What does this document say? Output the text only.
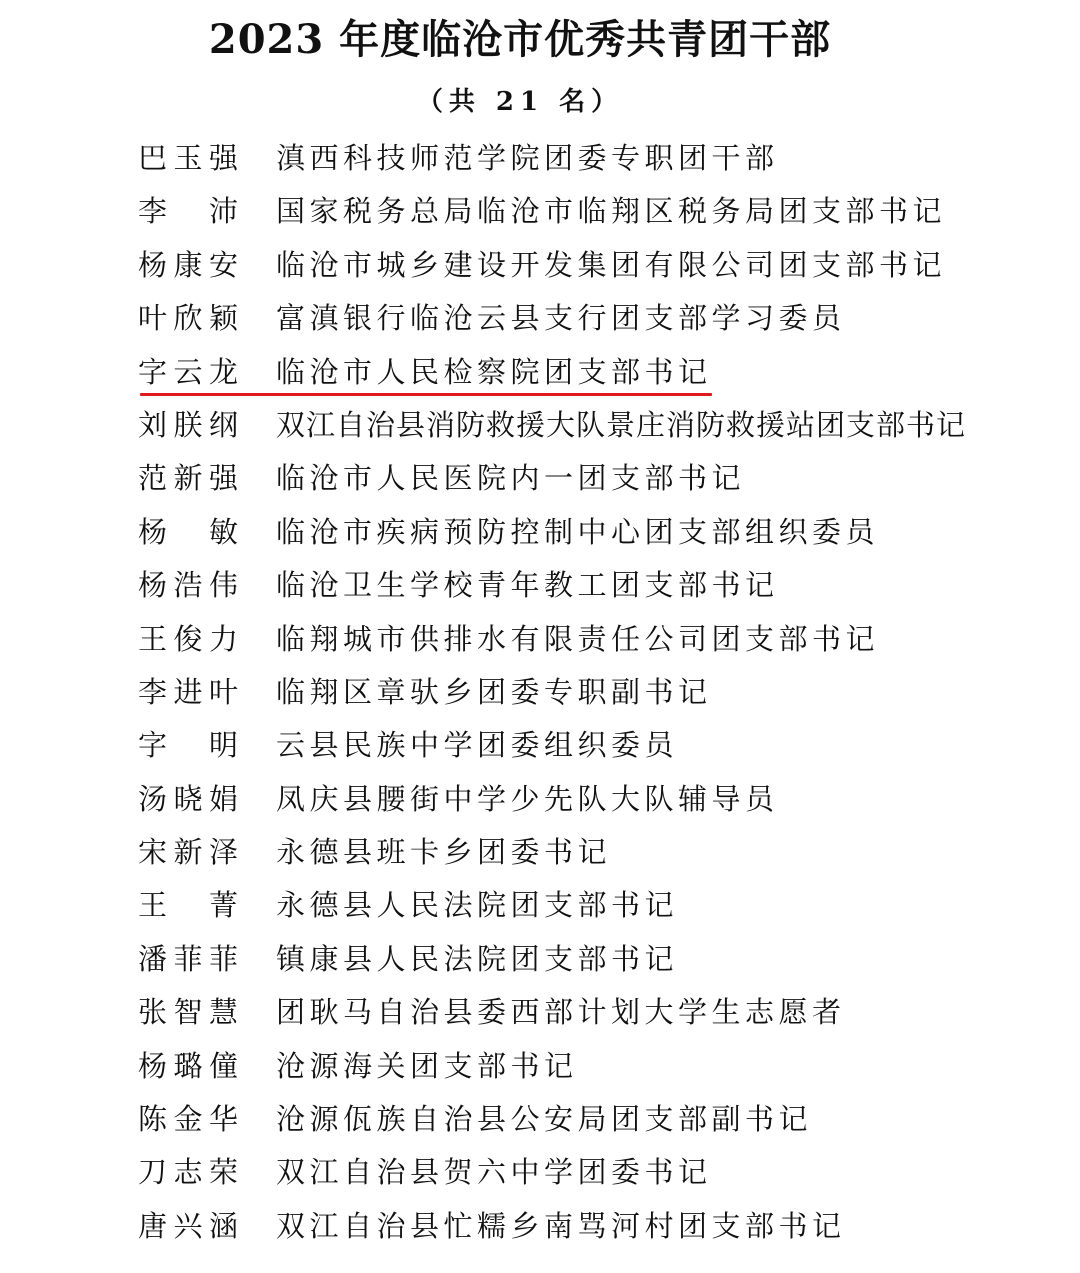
2023 年度临沧市优秀共青团干部
（共 21 名）
巴玉强 滇西科技师范学院团委专职团干部
李沛 国家税务总局临沧市临翔区税务局团支部书记
杨康安 临沧市城乡建设开发集团有限公司团支部书记
叶欣颖 富滇银行临沧云县支行团支部学习委员
字云龙 临沧市人民检察院团支部书记
刘朕纲 双江自治县消防救援大队景庄消防救援站团支部书记
范新强 临沧市人民医院内一团支部书记
杨敏 临沧市疾病预防控制中心团支部组织委员
杨浩伟 临沧卫生学校青年教工团支部书记
王俊力 临翔城市供排水有限责任公司团支部书记
李进叶 临翔区章驮乡团委专职副书记
字明 云县民族中学团委组织委员
汤晓娟 凤庆县腰街中学少先队大队辅导员
宋新泽 永德县班卡乡团委书记
王菁 永德县人民法院团支部书记
潘菲菲 镇康县人民法院团支部书记
张智慧 团耿马自治县委西部计划大学生志愿者
杨璐僮 沧源海关团支部书记
陈金华 沧源佤族自治县公安局团支部副书记
刀志荣 双江自治县贺六中学团委书记
唐兴涵 双江自治县忙糯乡南骂河村团支部书记
